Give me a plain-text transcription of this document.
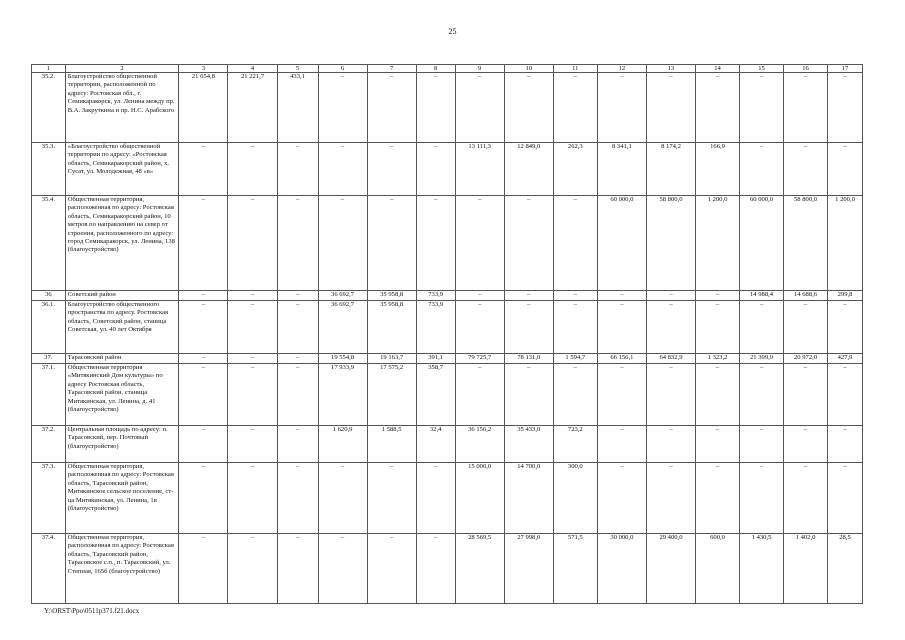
25
1	2	3	4	5	6	7	8	9	10	11	12	13	14	15	16	17
35.2.	Благоустройство общественной территории, расположенной по адресу: Ростовская обл., г. Семикаракорск, ул. Ленина между пр. В.А. Закруткина и пр. Н.С. Арабского	21 654,8	21 221,7	433,1	–	–	–	–	–	–	–	–	–	–	–	–
35.3.	«Благоустройство общественной территории по адресу: «Ростовская область, Семикаракорский район, х. Сусат, ул. Молодежная, 48 «в»	–	–	–	–	–	–	13 111,3	12 849,0	262,3	8 341,1	8 174,2	166,9	–	–	–
35.4.	Общественная территория, расположенная по адресу: Ростовская область, Семикаракорский район, 10 метров по направлению на север от строения, расположенного по адресу: город Семикаракорск, ул. Ленина, 138 (благоустройство)	–	–	–	–	–	–	–	–	–	60 000,0	58 800,0	1 200,0	60 000,0	58 800,0	1 200,0
36	Советский район	–	–	–	36 692,7	35 958,8	733,9	–	–	–	–	–	–	14 988,4	14 688,6	299,8
36.1.	Благоустройство общественного пространства по адресу. Ростовская область, Советский район, станица Советская, ул. 40 лет Октября	–	–	–	36 692,7	35 958,8	733,9	–	–	–	–	–	–	–	–	–
37.	Тарасовский район	–	–	–	19 554,8	19 163,7	391,1	79 725,7	78 131,0	1 594,7	66 156,1	64 832,9	1 323,2	21 399,9	20 972,0	427,9
37.1.	Общественная территория «Митякинский Дом культуры» по адресу Ростовская область, Тарасовский район, станица Митякинская, ул. Ленина, д. 41 (благоустройство)	–	–	–	17 933,9	17 575,2	358,7	–	–	–	–	–	–	–	–	–
37.2.	Центральная площадь по адресу: п. Тарасовский, пер. Почтовый (благоустройство)	–	–	–	1 620,9	1 588,5	32,4	36 156,2	35 433,0	723,2	–	–	–	–	–	–
37.3.	Общественная территория, расположенная по адресу: Ростовская область, Тарасовский район, Митякинское сельское поселение, ст-ца Митякинская, ул. Ленина, 1в (благоустройство)	–	–	–	–	–	–	15 000,0	14 700,0	300,0	–	–	–	–	–	–
37.4.	Общественная территория, расположенная по адресу: Ростовская область, Тарасовский район, Тарасовское с.п., п. Тарасовский, ул. Степная, 165б (благоустройство)	–	–	–	–	–	–	28 569,5	27 998,0	571,5	30 000,0	29 400,0	600,0	1 430,5	1 402,0	28,5
Y:\ORST\Ppo\0511p371.f21.docx
